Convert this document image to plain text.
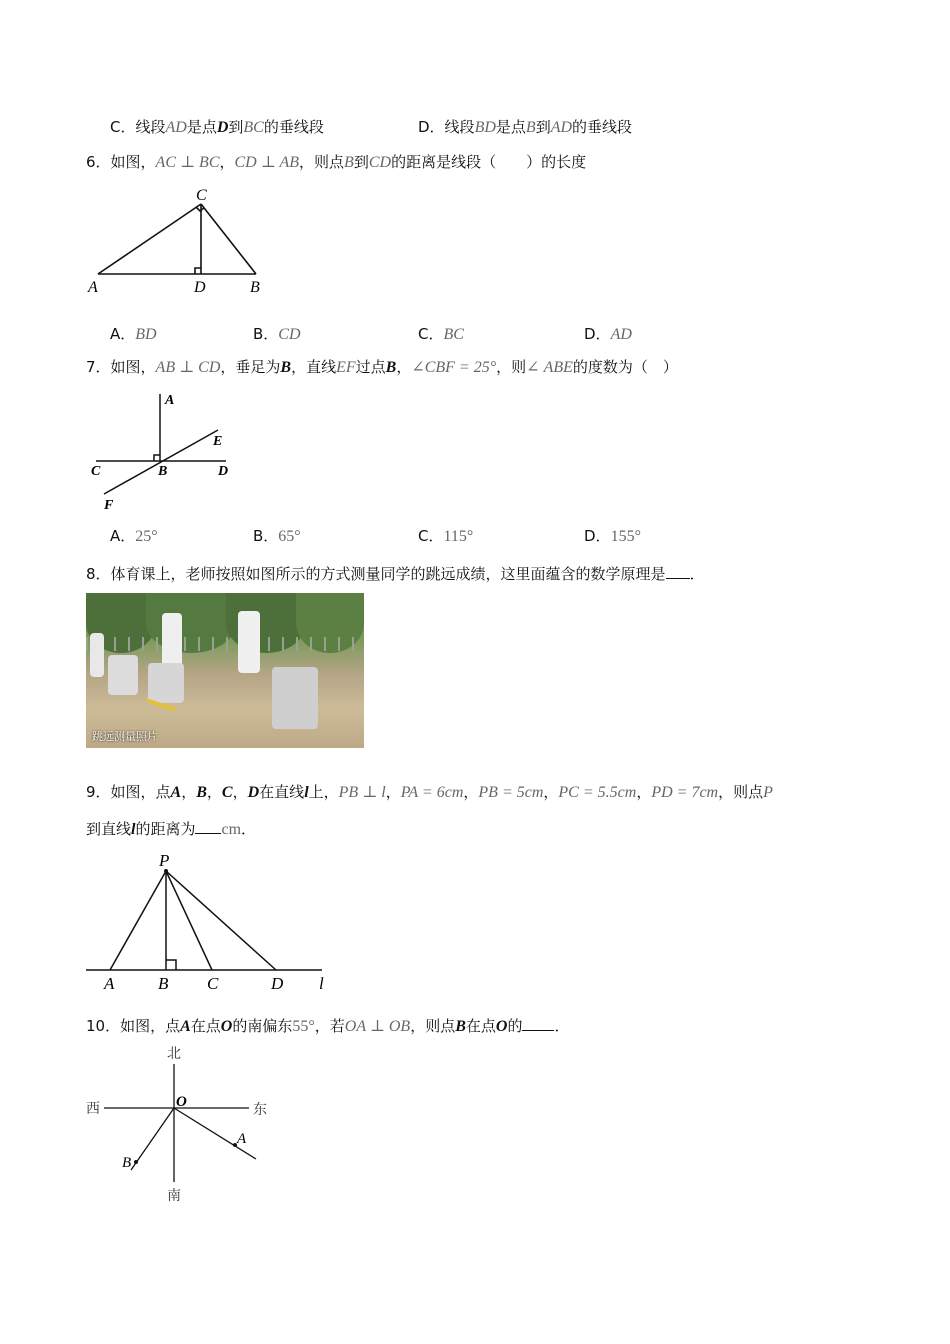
C．线段AD是点D到BC的垂线段	D．线段BD是点B到AD的垂线段
6．如图，AC ⊥ BC，CD ⊥ AB，则点B到CD的距离是线段（　　）的长度
C
A	D	B
A．BD	B．CD	C．BC	D．AD
7．如图，AB ⊥ CD，垂足为B，直线EF过点B，∠CBF = 25°，则∠ ABE的度数为（　）
A
E
C	B	D
F
A．25°	B．65°	C．115°	D．155°
8．体育课上，老师按照如图所示的方式测量同学的跳远成绩，这里面蕴含的数学原理是 ．
跳远测量照片
9．如图，点A，B，C，D在直线l上，PB ⊥ l，PA = 6cm，PB = 5cm，PC = 5.5cm，PD = 7cm，则点P
到直线l的距离为 cm．
P
A	B C	D l
10．如图，点A在点O的南偏东55°，若OA ⊥ OB，则点B在点O的 ．
北
南
西	东
O
A
B
